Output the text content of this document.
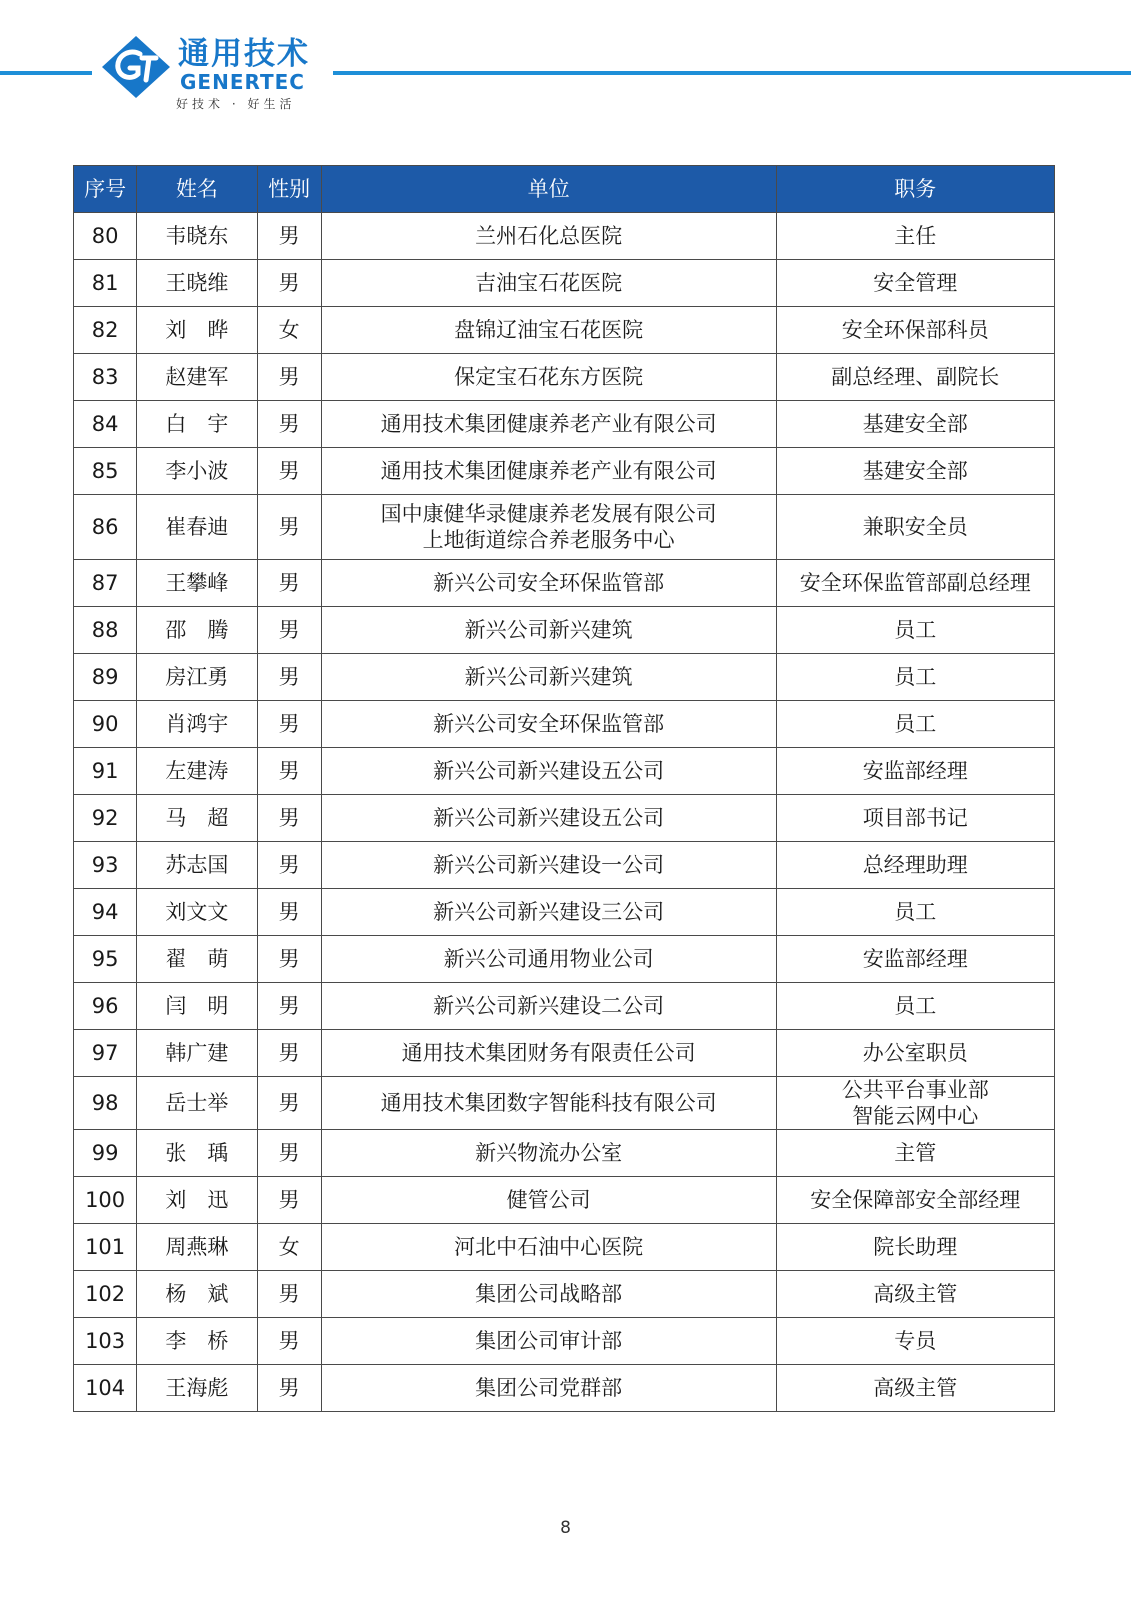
通用技术
GENERTEC
好技术 · 好生活
序号	姓名	性别	单位	职务
80	韦晓东	男	兰州石化总医院	主任
81	王晓维	男	吉油宝石花医院	安全管理
82	刘　晔	女	盘锦辽油宝石花医院	安全环保部科员
83	赵建军	男	保定宝石花东方医院	副总经理、副院长
84	白　宇	男	通用技术集团健康养老产业有限公司	基建安全部
85	李小波	男	通用技术集团健康养老产业有限公司	基建安全部
86	崔春迪	男	国中康健华录健康养老发展有限公司
上地街道综合养老服务中心	兼职安全员
87	王攀峰	男	新兴公司安全环保监管部	安全环保监管部副总经理
88	邵　腾	男	新兴公司新兴建筑	员工
89	房江勇	男	新兴公司新兴建筑	员工
90	肖鸿宇	男	新兴公司安全环保监管部	员工
91	左建涛	男	新兴公司新兴建设五公司	安监部经理
92	马　超	男	新兴公司新兴建设五公司	项目部书记
93	苏志国	男	新兴公司新兴建设一公司	总经理助理
94	刘文文	男	新兴公司新兴建设三公司	员工
95	翟　萌	男	新兴公司通用物业公司	安监部经理
96	闫　明	男	新兴公司新兴建设二公司	员工
97	韩广建	男	通用技术集团财务有限责任公司	办公室职员
98	岳士举	男	通用技术集团数字智能科技有限公司	公共平台事业部
智能云网中心
99	张　瑀	男	新兴物流办公室	主管
100	刘　迅	男	健管公司	安全保障部安全部经理
101	周燕琳	女	河北中石油中心医院	院长助理
102	杨　斌	男	集团公司战略部	高级主管
103	李　桥	男	集团公司审计部	专员
104	王海彪	男	集团公司党群部	高级主管
8
